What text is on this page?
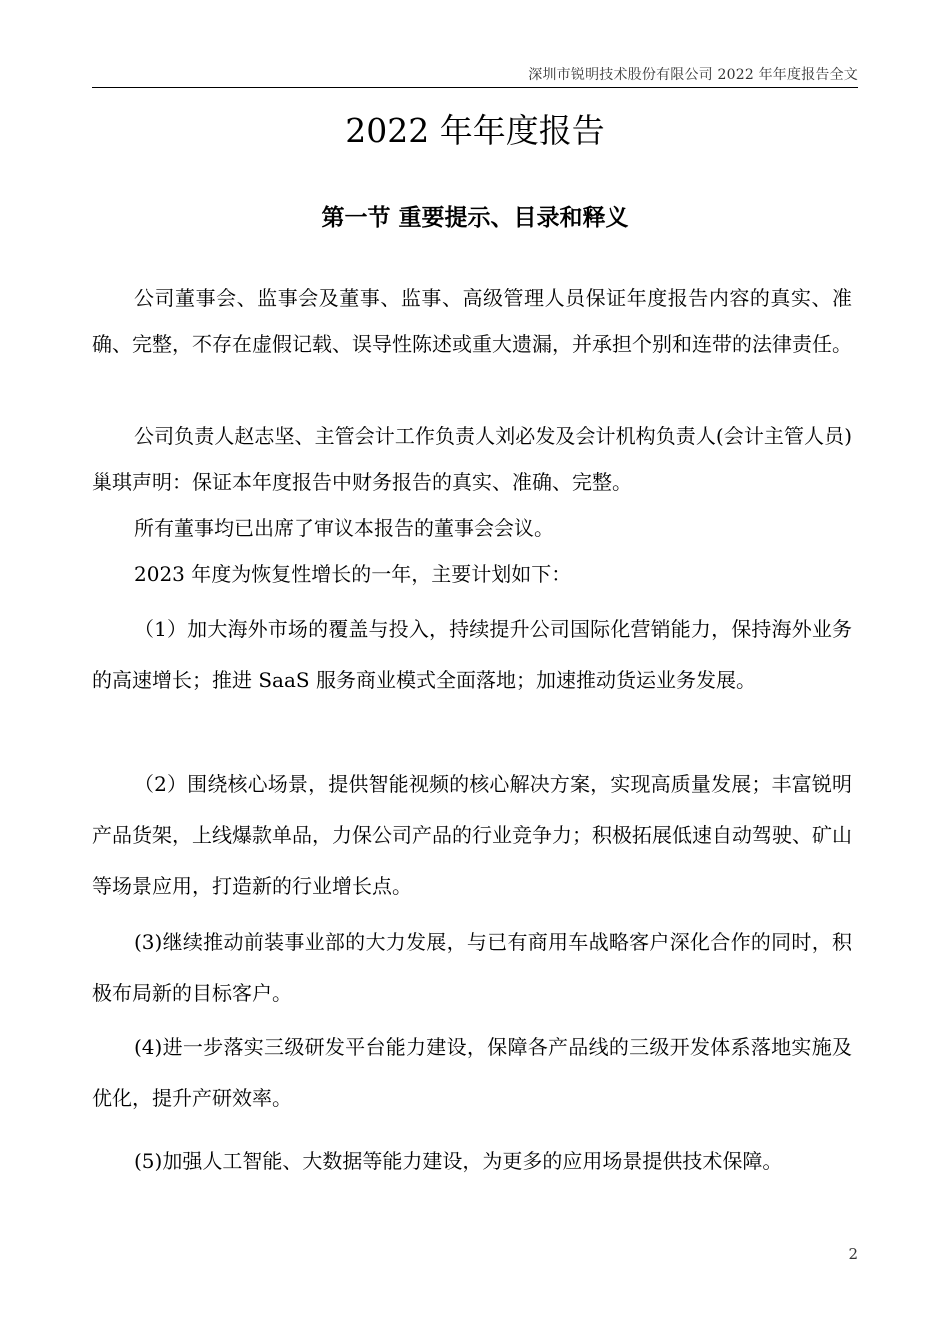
深圳市锐明技术股份有限公司 2022 年年度报告全文
2022 年年度报告
第一节 重要提示、目录和释义

公司董事会、监事会及董事、监事、高级管理人员保证年度报告内容的真实、准确、完整，不存在虚假记载、误导性陈述或重大遗漏，并承担个别和连带的法律责任。

公司负责人赵志坚、主管会计工作负责人刘必发及会计机构负责人(会计主管人员)巢琪声明：保证本年度报告中财务报告的真实、准确、完整。

所有董事均已出席了审议本报告的董事会会议。

2023 年度为恢复性增长的一年，主要计划如下：

（1）加大海外市场的覆盖与投入，持续提升公司国际化营销能力，保持海外业务的高速增长；推进 SaaS 服务商业模式全面落地；加速推动货运业务发展。

（2）围绕核心场景，提供智能视频的核心解决方案，实现高质量发展；丰富锐明产品货架，上线爆款单品，力保公司产品的行业竞争力；积极拓展低速自动驾驶、矿山等场景应用，打造新的行业增长点。

(3)继续推动前装事业部的大力发展，与已有商用车战略客户深化合作的同时，积极布局新的目标客户。

(4)进一步落实三级研发平台能力建设，保障各产品线的三级开发体系落地实施及优化，提升产研效率。

(5)加强人工智能、大数据等能力建设，为更多的应用场景提供技术保障。

2
